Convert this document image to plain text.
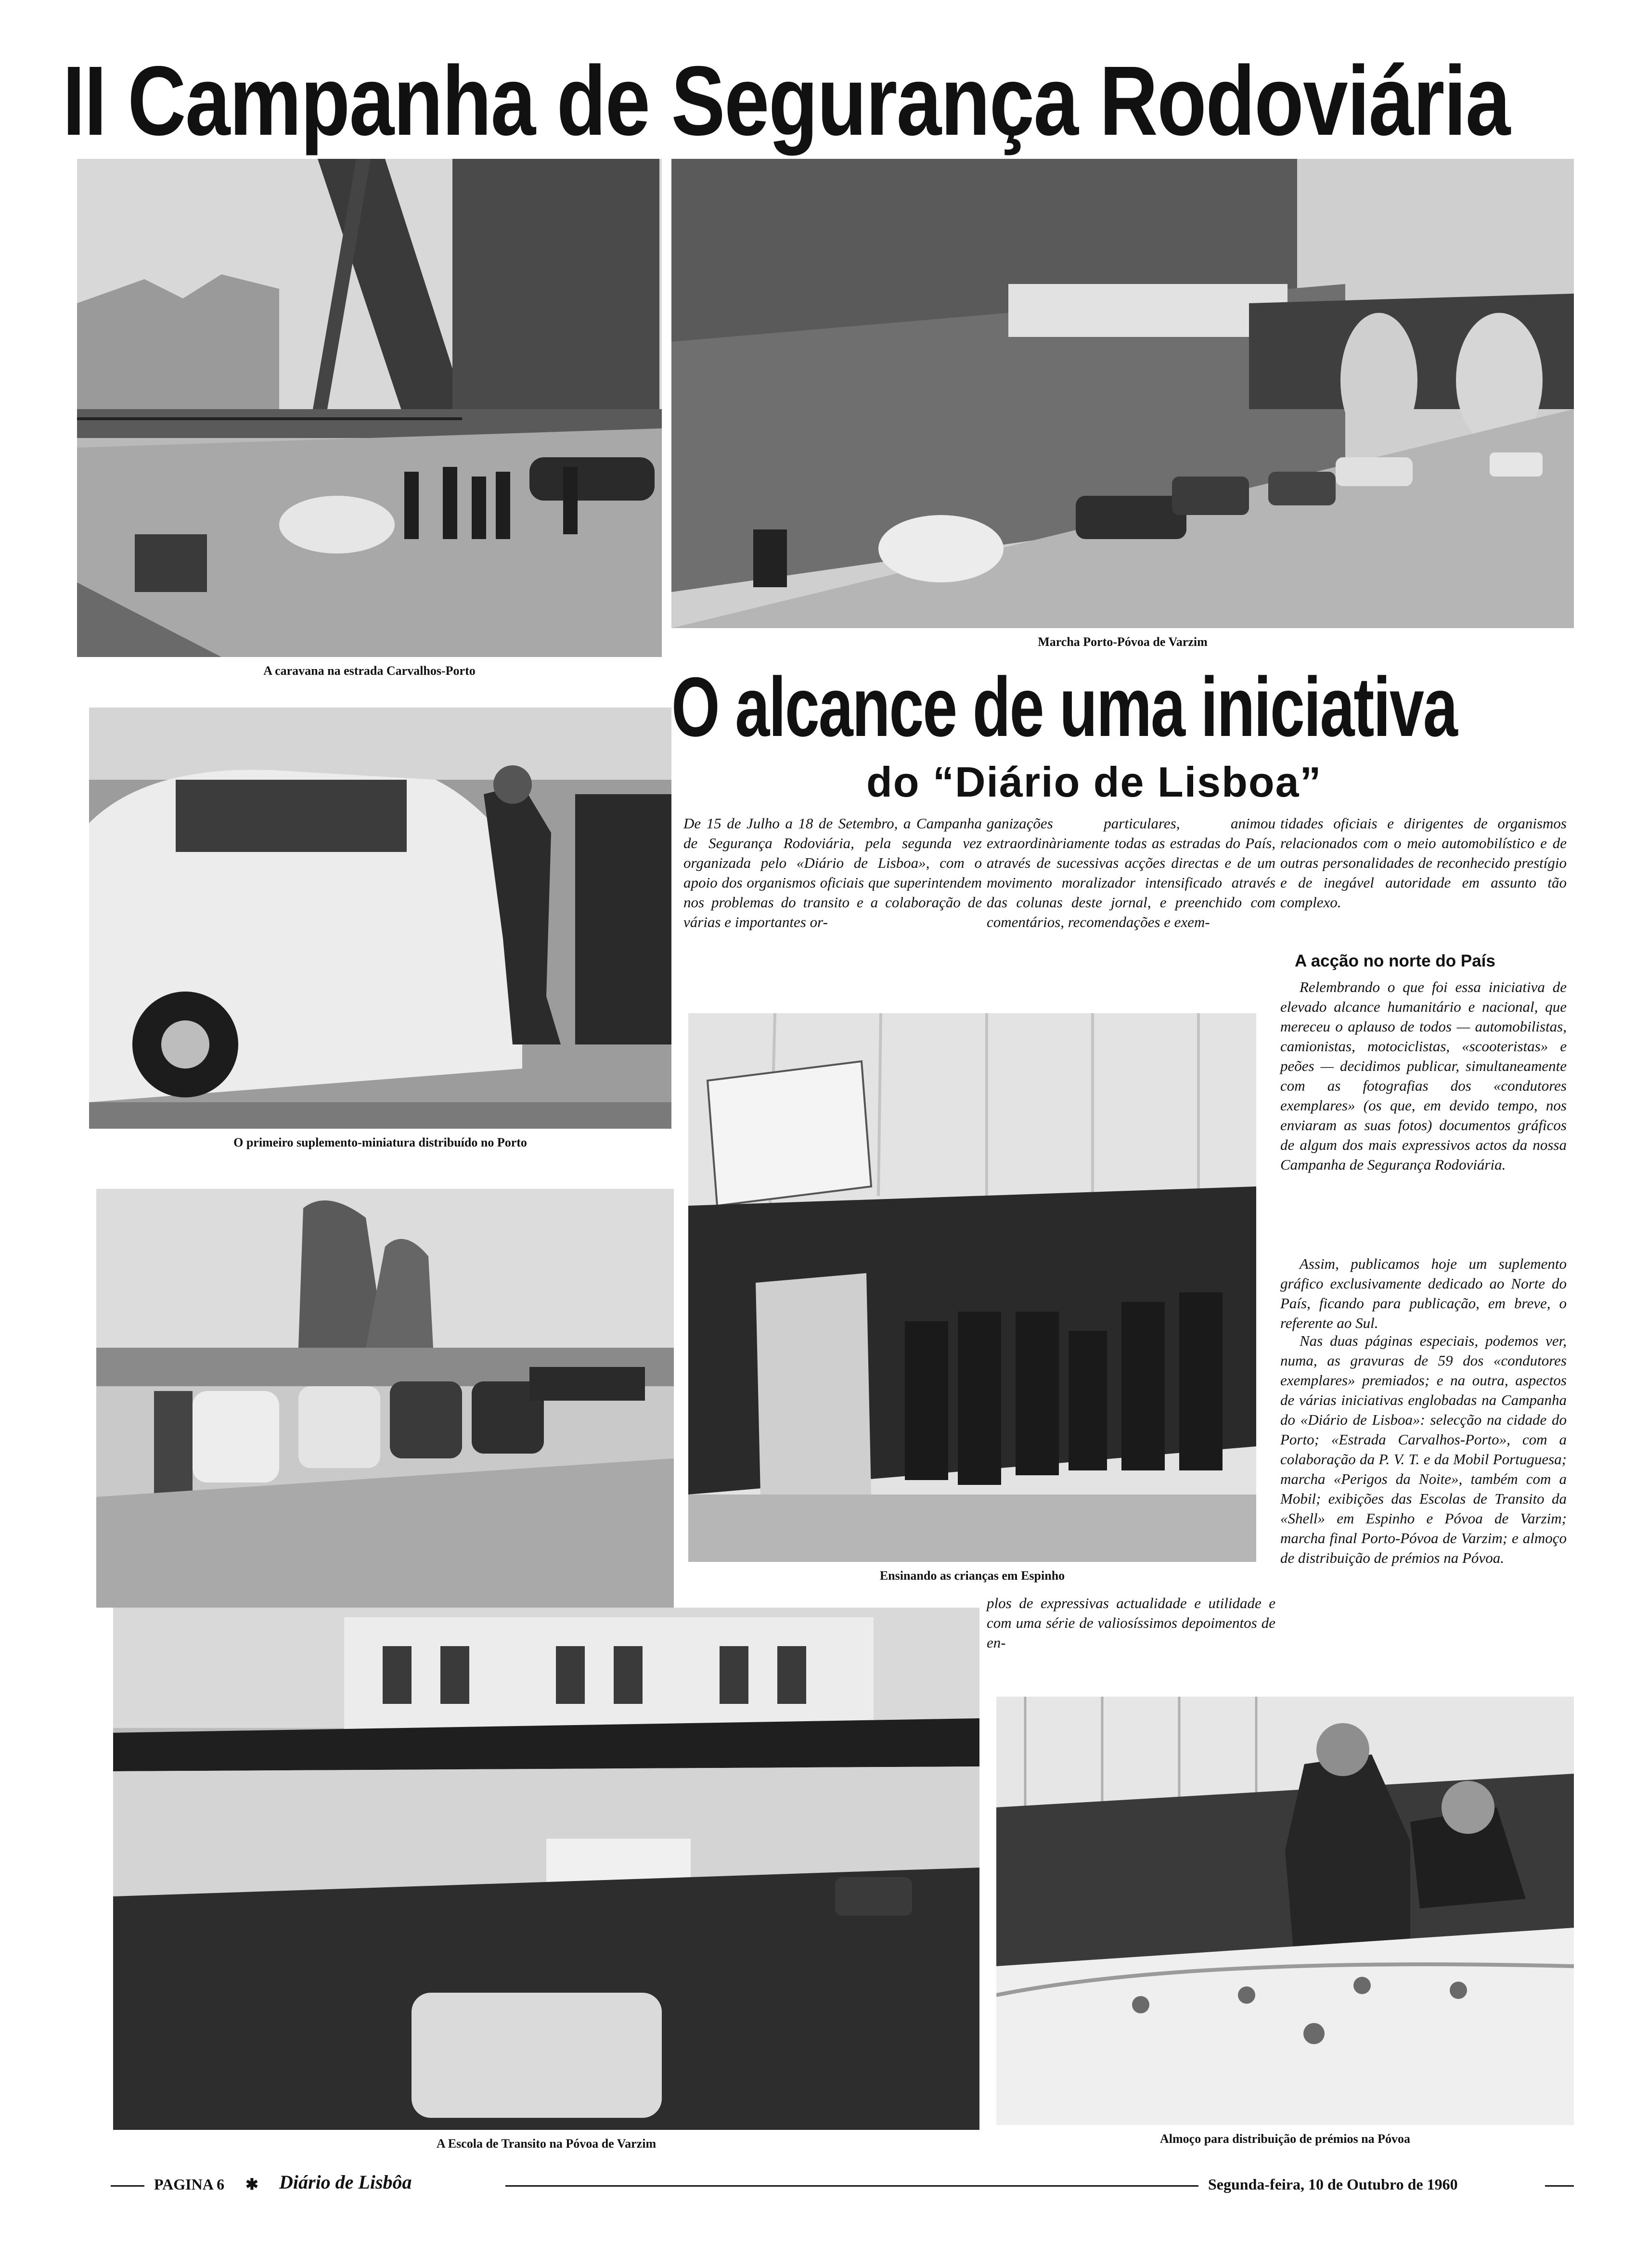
II Campanha de Segurança Rodoviária
A caravana na estrada Carvalhos-Porto
Marcha Porto-Póvoa de Varzim
O primeiro suplemento-miniatura distribuído no Porto
Ensinando as crianças em Espinho
A Escola de Transito na Póvoa de Varzim	Almoço para distribuição de prémios na Póvoa
O alcance de uma iniciativa
do “Diário de Lisboa”
De 15 de Julho a 18 de Setembro, a Campanha de Segurança Rodoviária, pela segunda vez organizada pelo «Diário de Lisboa», com o apoio dos organismos oficiais que superintendem nos problemas do transito e a colaboração de várias e importantes or-
ganizações particulares, animou extraordinàriamente todas as estradas do País, através de sucessivas acções directas e de um movimento moralizador intensificado através das colunas deste jornal, e preenchido com comentários, recomendações e exem-
plos de expressivas actualidade e utilidade e com uma série de valiosíssimos depoimentos de en-
tidades oficiais e dirigentes de organismos relacionados com o meio automobilístico e de outras personalidades de reconhecido prestígio e de inegável autoridade em assunto tão complexo.
A acção no norte do País
Relembrando o que foi essa iniciativa de elevado alcance humanitário e nacional, que mereceu o aplauso de todos — automobilistas, camionistas, motociclistas, «scooteristas» e peões — decidimos publicar, simultaneamente com as fotografias dos «condutores exemplares» (os que, em devido tempo, nos enviaram as suas fotos) documentos gráficos de algum dos mais expressivos actos da nossa Campanha de Segurança Rodoviária.
Assim, publicamos hoje um suplemento gráfico exclusivamente dedicado ao Norte do País, ficando para publicação, em breve, o referente ao Sul.
Nas duas páginas especiais, podemos ver, numa, as gravuras de 59 dos «condutores exemplares» premiados; e na outra, aspectos de várias iniciativas englobadas na Campanha do «Diário de Lisboa»: selecção na cidade do Porto; «Estrada Carvalhos-Porto», com a colaboração da P. V. T. e da Mobil Portuguesa; marcha «Perigos da Noite», também com a Mobil; exibições das Escolas de Transito da «Shell» em Espinho e Póvoa de Varzim; marcha final Porto-Póvoa de Varzim; e almoço de distribuição de prémios na Póvoa.
PAGINA 6 ✱ Diário de Lisbôa	Segunda-feira, 10 de Outubro de 1960
